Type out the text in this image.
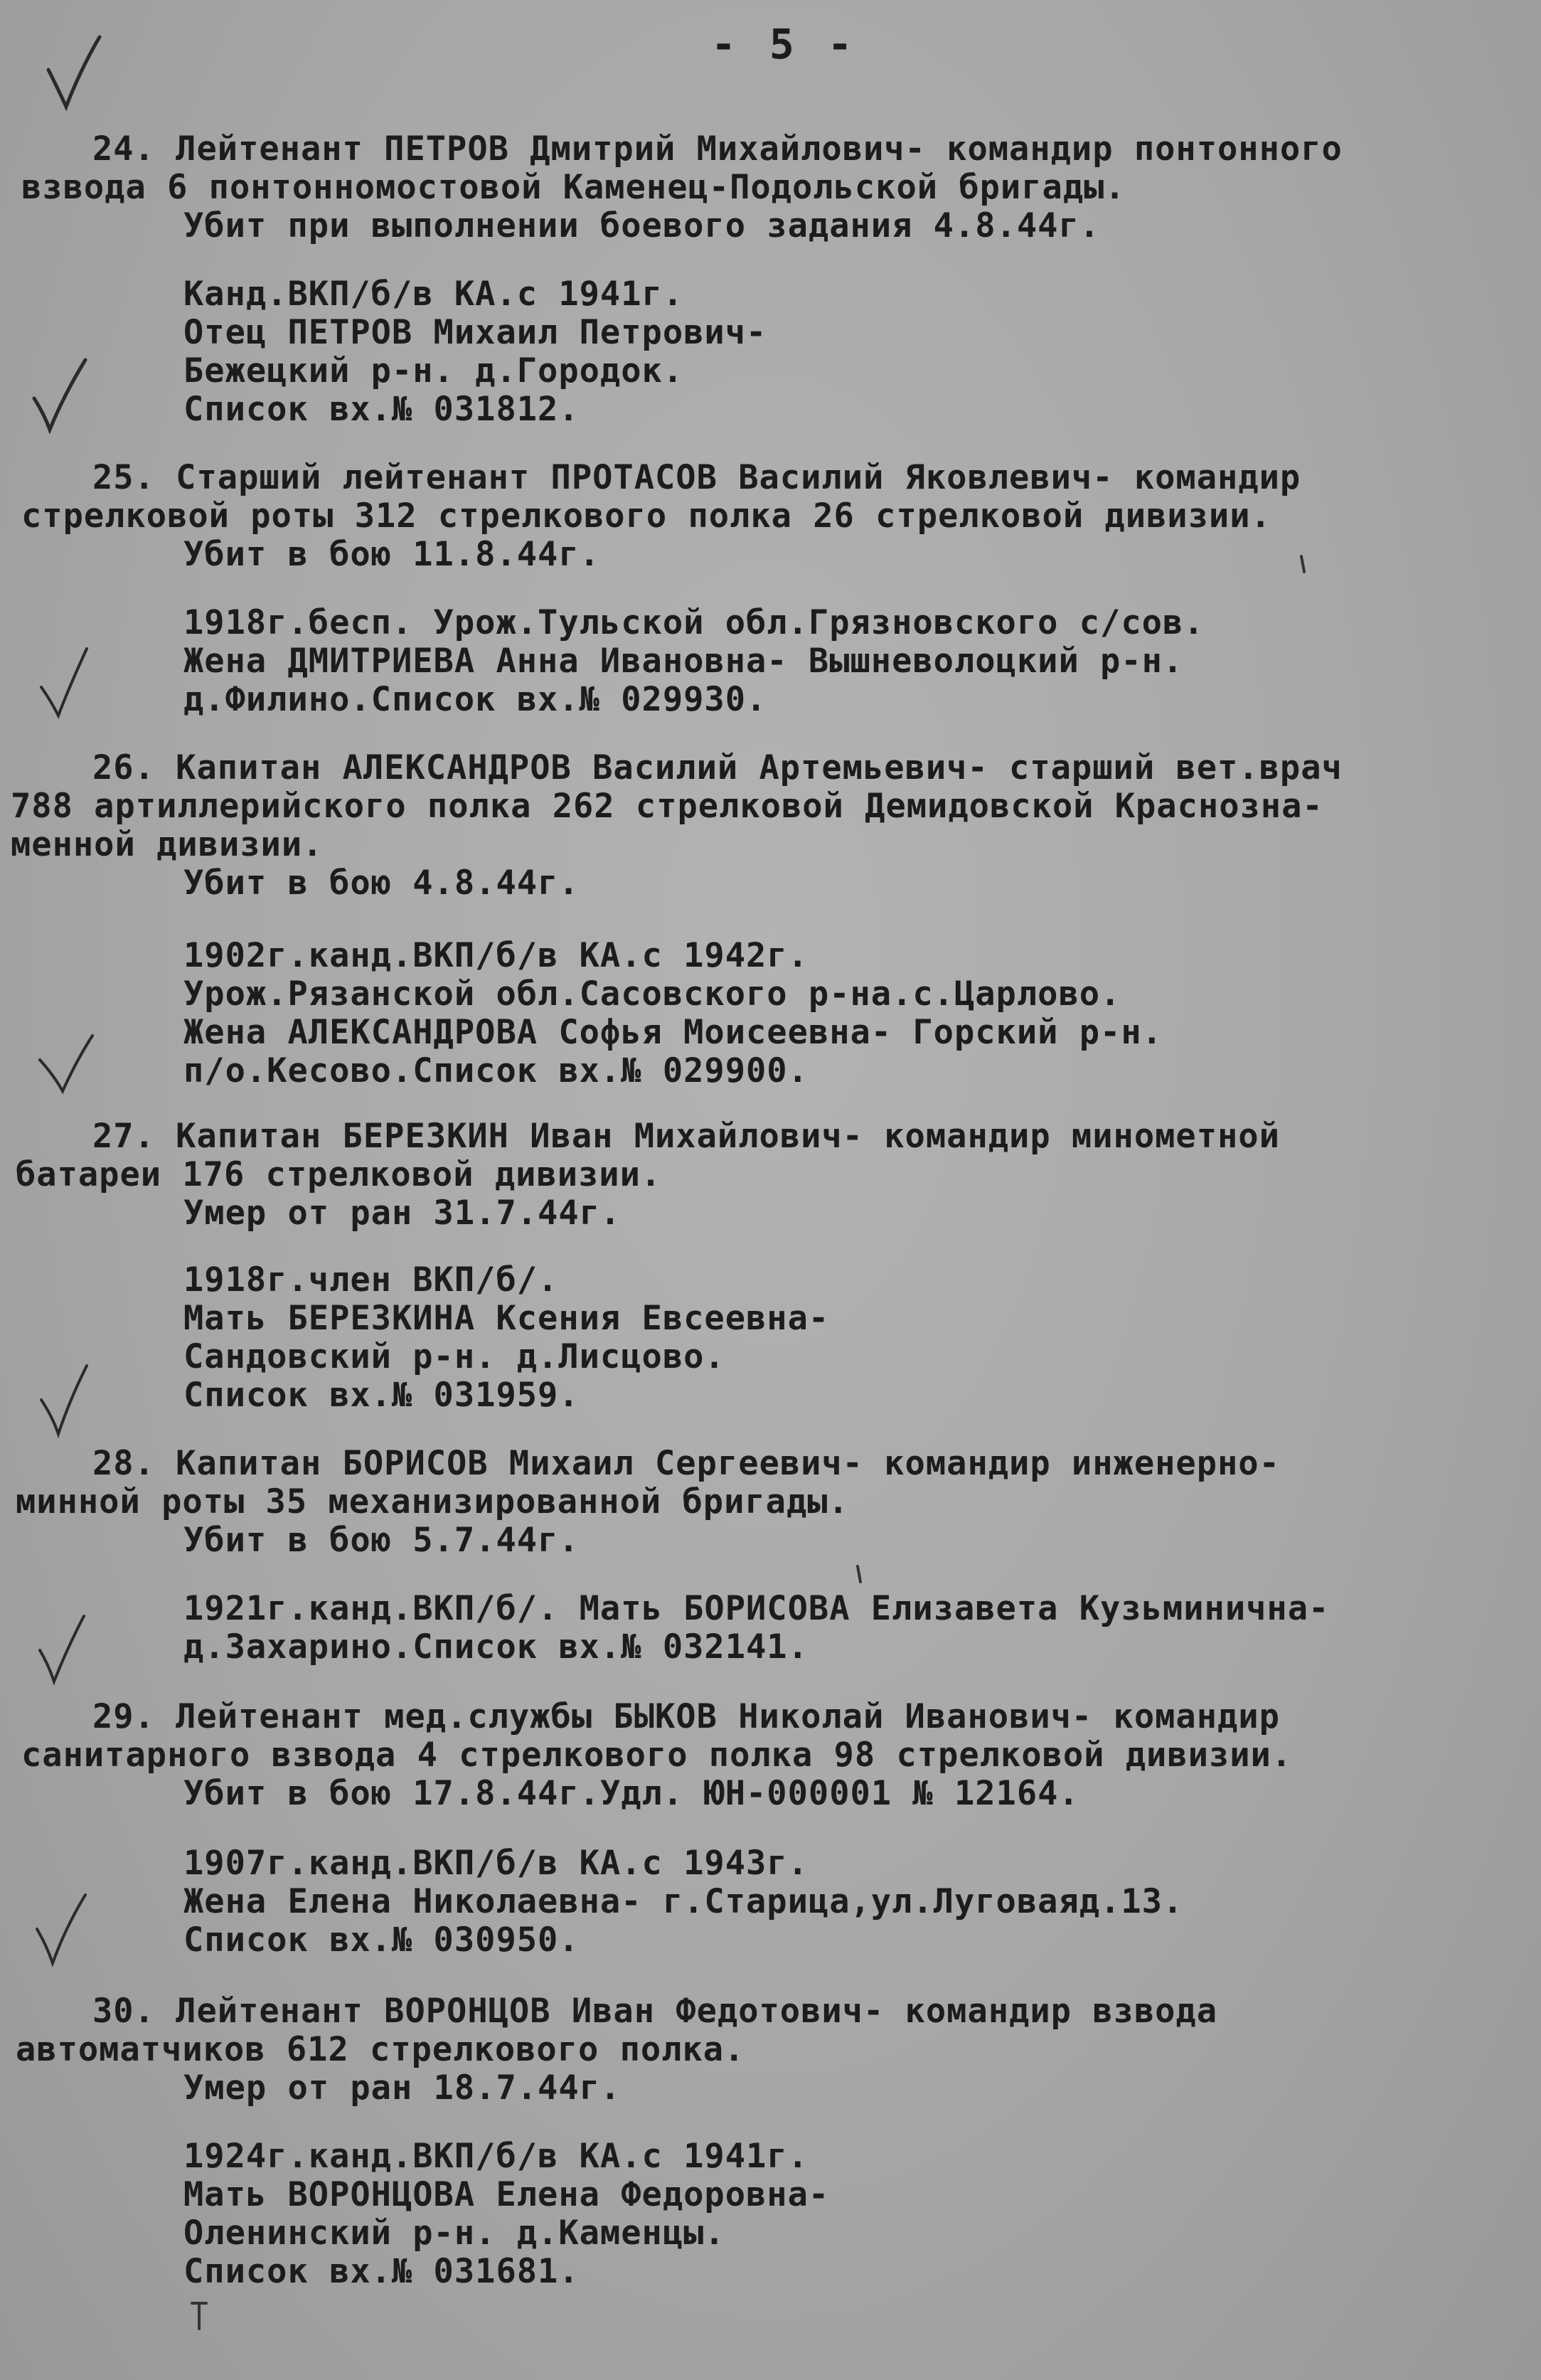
- 5 -
24. Лейтенант ПЕТРОВ Дмитрий Михайлович- командир понтонного
взвода 6 понтонномостовой Каменец-Подольской бригады.
Убит при выполнении боевого задания 4.8.44г.
Канд.ВКП/б/в КА.с 1941г.
Отец ПЕТРОВ Михаил Петрович-
Бежецкий р-н. д.Городок.
Список вх.№ 031812.
25. Старший лейтенант ПРОТАСОВ Василий Яковлевич- командир
стрелковой роты 312 стрелкового полка 26 стрелковой дивизии.
Убит в бою 11.8.44г.
1918г.бесп. Урож.Тульской обл.Грязновского с/сов.
Жена ДМИТРИЕВА Анна Ивановна- Вышневолоцкий р-н.
д.Филино.Список вх.№ 029930.
26. Капитан АЛЕКСАНДРОВ Василий Артемьевич- старший вет.врач
788 артиллерийского полка 262 стрелковой Демидовской Краснозна-
менной дивизии.
Убит в бою 4.8.44г.
1902г.канд.ВКП/б/в КА.с 1942г.
Урож.Рязанской обл.Сасовского р-на.с.Царлово.
Жена АЛЕКСАНДРОВА Софья Моисеевна- Горский р-н.
п/о.Кесово.Список вх.№ 029900.
27. Капитан БЕРЕЗКИН Иван Михайлович- командир минометной
батареи 176 стрелковой дивизии.
Умер от ран 31.7.44г.
1918г.член ВКП/б/.
Мать БЕРЕЗКИНА Ксения Евсеевна-
Сандовский р-н. д.Лисцово.
Список вх.№ 031959.
28. Капитан БОРИСОВ Михаил Сергеевич- командир инженерно-
минной роты 35 механизированной бригады.
Убит в бою 5.7.44г.
1921г.канд.ВКП/б/. Мать БОРИСОВА Елизавета Кузьминична-
д.Захарино.Список вх.№ 032141.
29. Лейтенант мед.службы БЫКОВ Николай Иванович- командир
санитарного взвода 4 стрелкового полка 98 стрелковой дивизии.
Убит в бою 17.8.44г.Удл. ЮН-000001 № 12164.
1907г.канд.ВКП/б/в КА.с 1943г.
Жена Елена Николаевна- г.Старица,ул.Луговаяд.13.
Список вх.№ 030950.
30. Лейтенант ВОРОНЦОВ Иван Федотович- командир взвода
автоматчиков 612 стрелкового полка.
Умер от ран 18.7.44г.
1924г.канд.ВКП/б/в КА.с 1941г.
Мать ВОРОНЦОВА Елена Федоровна-
Оленинский р-н. д.Каменцы.
Список вх.№ 031681.
